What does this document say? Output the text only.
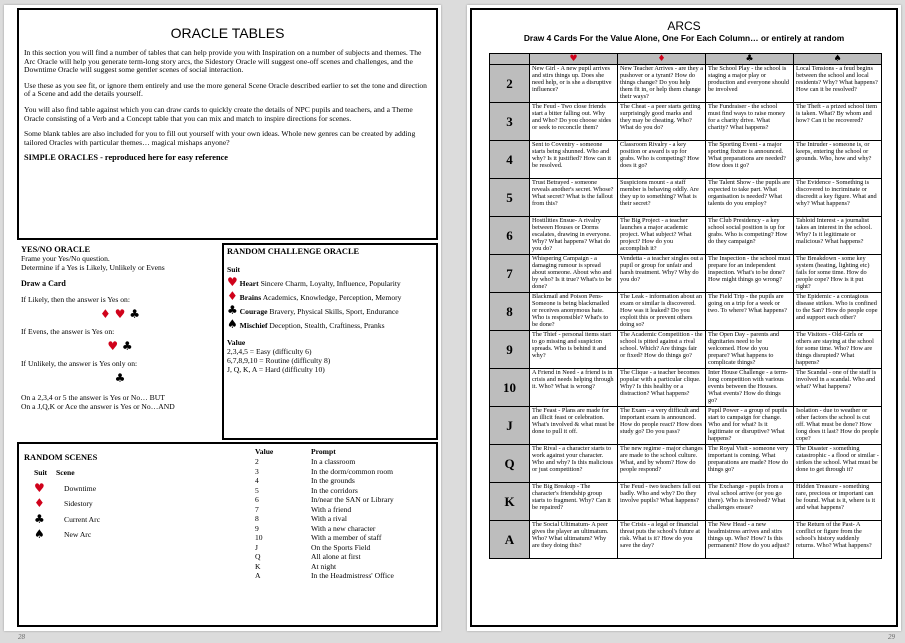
ORACLE TABLES

In this section you will find a number of tables that can help provide you with Inspiration on a number of subjects and themes. The Arc Oracle will help you generate term-long story arcs, the Sidestory Oracle will suggest one-off scenes and challenges, and the Downtime Oracle will suggest some gentler scenes of social interaction.

Use these as you see fit, or ignore them entirely and use the more general Scene Oracle described earlier to set the tone and direction of a Scene and add the details yourself.

You will also find table against which you can draw cards to quickly create the details of NPC pupils and teachers, and a Theme Oracle consisting of a Verb and a Concept table that you can mix and match to inspire directions for scenes.

Some blank tables are also included for you to fill out yourself with your own ideas. Whole new genres can be created by adding tailored Oracles with particular themes… magical mishaps anyone?

SIMPLE ORACLES - reproduced here for easy reference

YES/NO ORACLE
Frame your Yes/No question.
Determine if a Yes is Likely, Unlikely or Evens
Draw a Card
If Likely, then the answer is Yes on:
♦ ♥ ♣
If Evens, the answer is Yes on:
♥ ♣
If Unlikely, the answer is Yes only on:
♣
On a 2,3,4 or 5 the answer is Yes or No… BUT
On a J,Q,K or Ace the answer is Yes or No…AND
RANDOM CHALLENGE ORACLE
Suit
♥ Heart Sincere Charm, Loyalty, Influence, Popularity
♦ Brains Academics, Knowledge, Perception, Memory
♣ Courage Bravery, Physical Skills, Sport, Endurance
♠ Mischief Deception, Stealth, Craftiness, Pranks
Value
2,3,4,5 = Easy (difficulty 6)
6,7,8,9,10 = Routine (difficulty 8)
J, Q, K, A = Hard (difficulty 10)
RANDOM SCENES
Suit	Scene
♥	Downtime
♦	Sidestory
♣	Current Arc
♠	New Arc
Value	Prompt
2	In a classroom
3	In the dorm/common room
4	In the grounds
5	In the corridors
6	In/near the SAN or Library
7	With a friend
8	With a rival
9	With a new character
10	With a member of staff
J	On the Sports Field
Q	All alone at first
K	At night
A	In the Headmistress' Office
28
ARCS
Draw 4 Cards For the Value Alone, One For Each Column… or entirely at random
	♥	♦	♣	♠
2	New Girl - A new pupil arrives and stirs things up. Does she need help, or is she a disruptive influence?	New Teacher Arrives - are they a pushover or a tyrant? How do things change? Do you help them fit in, or help them change their ways?	The School Play - the school is staging a major play or production and everyone should be involved	Local Tensions - a feud begins between the school and local residents? Why? What happens? How can it be resolved?
3	The Feud - Two close friends start a bitter falling out. Why and Who? Do you choose sides or seek to reconcile them?	The Cheat - a peer starts getting surprisingly good marks and they may be cheating. Who? What do you do?	The Fundraiser - the school must find ways to raise money for a charity drive. What charity? What happens?	The Theft - a prized school item is taken. What? By whom and how? Can it be recovered?
4	Sent to Coventry - someone starts being shunned. Who and why? Is it justified? How can it be resolved.	Classroom Rivalry - a key position or award is up for grabs. Who is competing? How does it go?	The Sporting Event - a major sporting fixture is announced. What preparations are needed? How does it go?	The Intruder - someone is, or keeps, entering the school or grounds. Who, how and why?
5	Trust Betrayed - someone reveals another's secret. Whose? What secret? What is the fallout from this?	Suspicions mount - a staff member is behaving oddly. Are they up to something? What is their secret?	The Talent Show - the pupils are expected to take part. What organisation is needed? What talents do you employ?	The Evidence - Something is discovered to incriminate or discredit a key figure. What and why? What happens?
6	Hostilities Ensue- A rivalry between Houses or Dorms escalates, drawing in everyone. Why? What happens? What do you do?	The Big Project - a teacher launches a major academic project. What subject? What project? How do you accomplish it?	The Club Presidency - a key school social position is up for grabs. Who is competing? How do they campaign?	Tabloid Interest - a journalist takes an interest in the school. Why? Is it legitimate or malicious? What happens?
7	Whispering Campaign - a damaging rumour is spread about someone. About who and by who? Is it true? What's to be done?	Vendetta - a teacher singles out a pupil or group for unfair and harsh treatment. Why? Why do you do?	The Inspection - the school must prepare for an independent inspection. What's to be done? How might things go wrong?	The Breakdown - some key system (heating, lighting etc) fails for some time. How do people cope? How is it put right?
8	Blackmail and Poison Pens- Someone is being blackmailed or receives anonymous hate. Who is responsible? What's to be done?	The Leak - information about an exam or similar is discovered. How was it leaked? Do you exploit this or prevent others doing so?	The Field Trip - the pupils are going on a trip for a week or two. To where? What happens?	The Epidemic - a contagious disease strikes. Who is confined to the San? How do people cope and support each other?
9	The Thief - personal items start to go missing and suspicion spreads. Who is behind it and why?	The Academic Competition - the school is pitted against a rival school. Which? Are things fair or fixed? How do things go?	The Open Day - parents and dignitaries need to be welcomed. How do you prepare? What happens to complicate things?	The Visitors - Old-Girls or others are staying at the school for some time. Who? How are things disrupted? What happens?
10	A Friend in Need - a friend is in crisis and needs helping through it. Who? What is wrong?	The Clique - a teacher becomes popular with a particular clique. Why? Is this healthy or a distraction? What happens?	Inter House Challenge - a term-long competition with various events between the Houses. What events? How do things go?	The Scandal - one of the staff is involved in a scandal. Who and what? What happens?
J	The Feast - Plans are made for an illicit feast or celebration. What's involved & what must be done to pull it off.	The Exam - a very difficult and important exam is announced. How do people react? How does study go? Do you pass?	Pupil Power - a group of pupils start to campaign for change. Who and for what? Is it legitimate or disruptive? What happens?	Isolation - due to weather or other factors the school is cut off. What must be done? How long does it last? How do people cope?
Q	The Rival - a character starts to work against your character. Who and why? Is this malicious or just competition?	The new regime - major changes are made to the school culture. What, and by whom? How do people respond?	The Royal Visit - someone very important is coming. What preparations are made? How do things go?	The Disaster - something catastrophic - a flood or similar - strikes the school. What must be done to get through it?
K	The Big Breakup - The character's friendship group starts to fragment. Why? Can it be repaired?	The Feud - two teachers fall out badly. Who and why? Do they involve pupils? What happens?	The Exchange - pupils from a rival school arrive (or you go there). Who is involved? What challenges ensue?	Hidden Treasure - something rare, precious or important can be found. What is it, where is it and what happens?
A	The Social Ultimatum- A peer gives the player an ultimatum. Who? What ultimatum? Why are they doing this?	The Crisis - a legal or financial threat puts the school's future at risk. What is it? How do you save the day?	The New Head - a new headmistress arrives and stirs things up. Who? How? Is this permanent? How do you adjust?	The Return of the Past- A conflict or figure from the school's history suddenly returns. Who? What happens?
29
